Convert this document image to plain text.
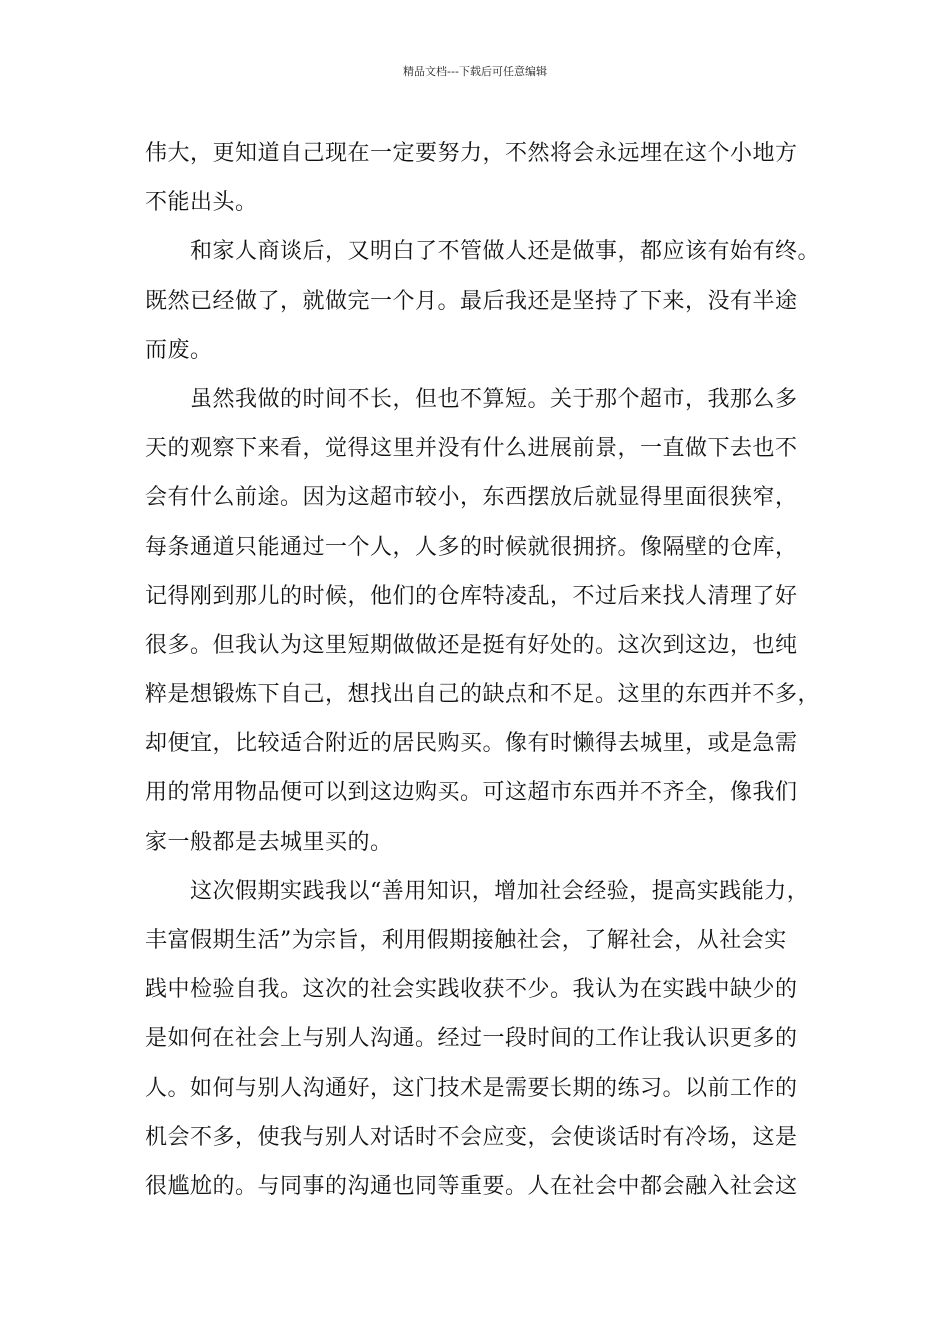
精品文档---下载后可任意编辑
伟大，更知道自己现在一定要努力，不然将会永远埋在这个小地方
不能出头。
　　和家人商谈后，又明白了不管做人还是做事，都应该有始有终。
既然已经做了，就做完一个月。最后我还是坚持了下来，没有半途
而废。
　　虽然我做的时间不长，但也不算短。关于那个超市，我那么多
天的观察下来看，觉得这里并没有什么进展前景，一直做下去也不
会有什么前途。因为这超市较小，东西摆放后就显得里面很狭窄，
每条通道只能通过一个人，人多的时候就很拥挤。像隔壁的仓库，
记得刚到那儿的时候，他们的仓库特凌乱，不过后来找人清理了好
很多。但我认为这里短期做做还是挺有好处的。这次到这边，也纯
粹是想锻炼下自己，想找出自己的缺点和不足。这里的东西并不多，
却便宜，比较适合附近的居民购买。像有时懒得去城里，或是急需
用的常用物品便可以到这边购买。可这超市东西并不齐全，像我们
家一般都是去城里买的。
　　这次假期实践我以“善用知识，增加社会经验，提高实践能力，
丰富假期生活”为宗旨，利用假期接触社会，了解社会，从社会实
践中检验自我。这次的社会实践收获不少。我认为在实践中缺少的
是如何在社会上与别人沟通。经过一段时间的工作让我认识更多的
人。如何与别人沟通好，这门技术是需要长期的练习。以前工作的
机会不多，使我与别人对话时不会应变，会使谈话时有冷场，这是
很尴尬的。与同事的沟通也同等重要。人在社会中都会融入社会这
